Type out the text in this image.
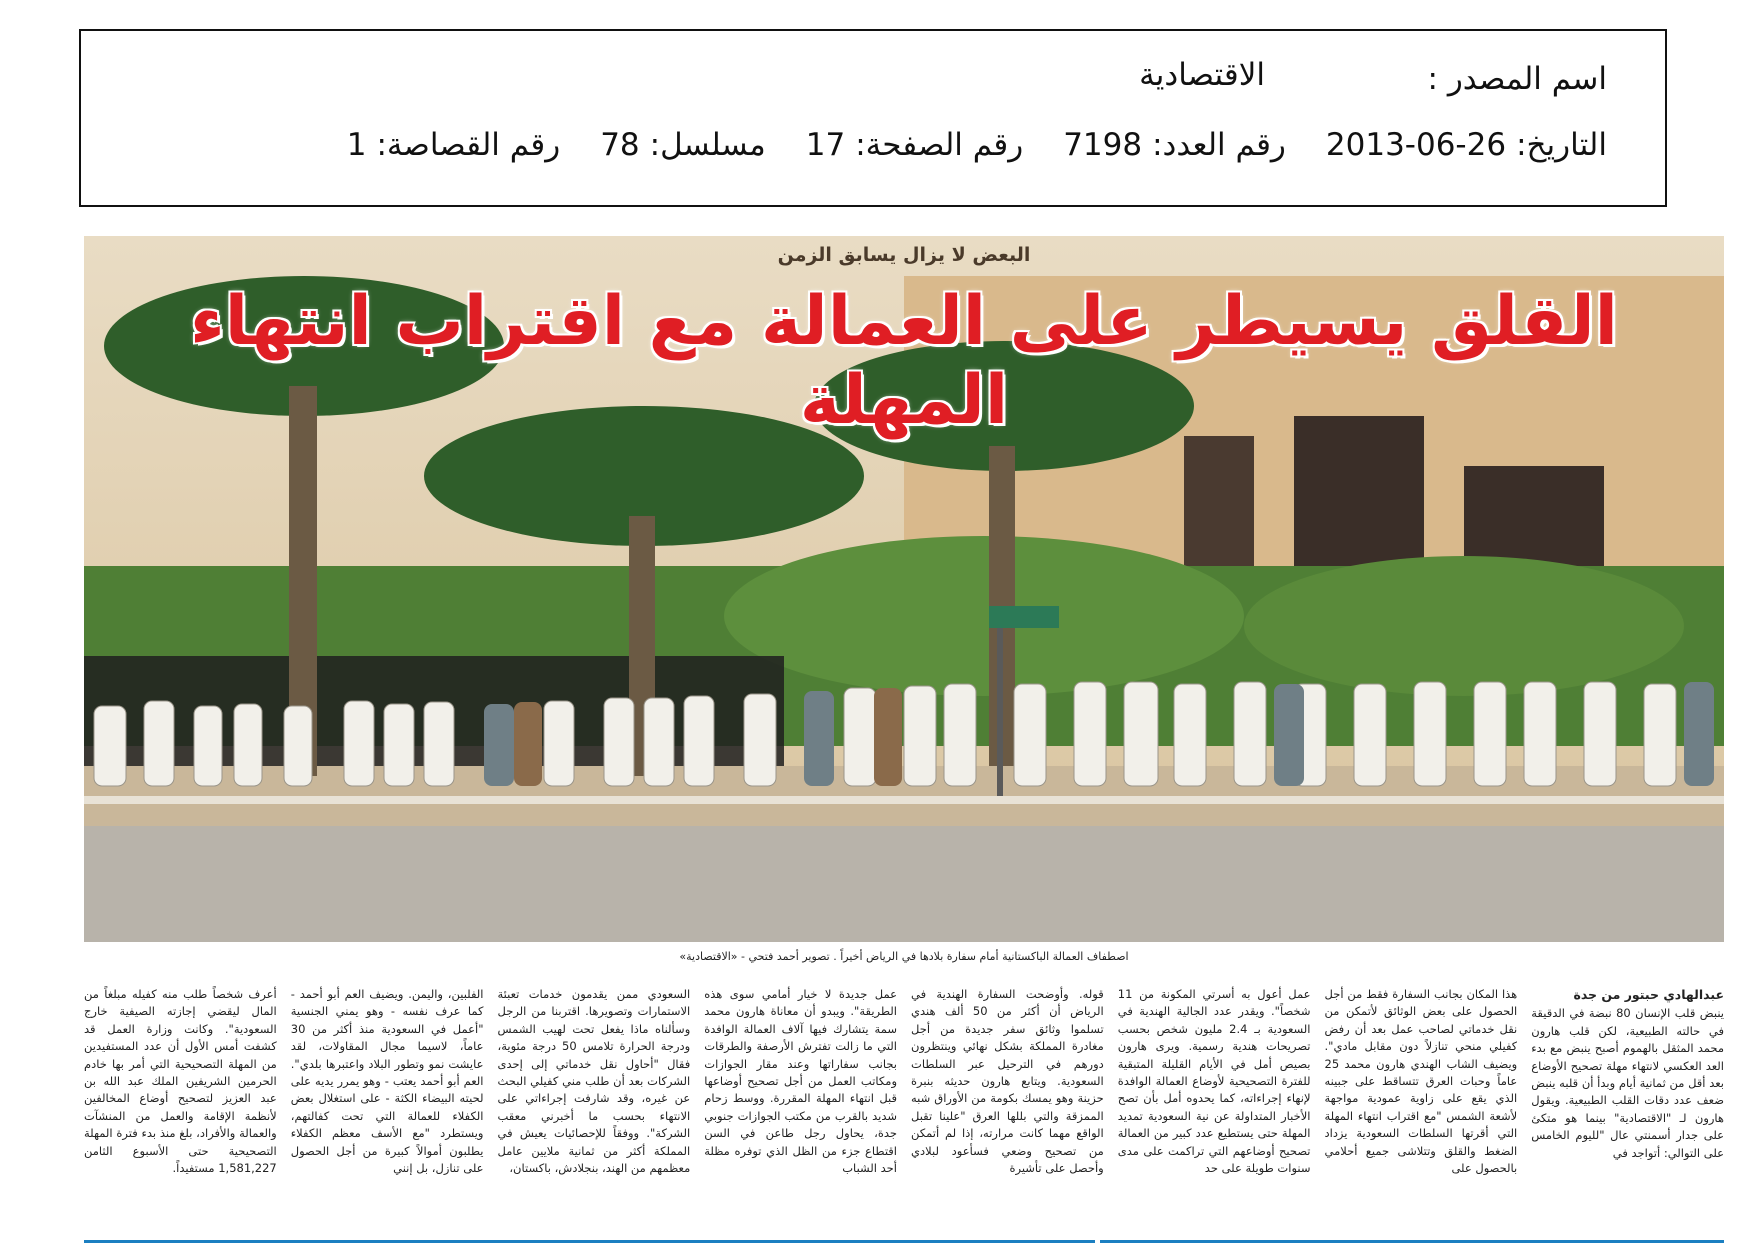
اسم المصدر :
الاقتصادية
التاريخ:
2013-06-26
رقم العدد:
7198
رقم الصفحة:
17
مسلسل:
78
رقم القصاصة:
1
البعض لا يزال يسابق الزمن
القلق يسيطر على العمالة مع اقتراب انتهاء المهلة
اصطفاف العمالة الباكستانية أمام سفارة بلادها في الرياض أخيراً . تصوير أحمد فتحي - «الاقتصادية»
عبدالهادي حبتور من جدة
ينبض قلب الإنسان 80 نبضة في الدقيقة في حالته الطبيعية، لكن قلب هارون محمد المثقل بالهموم أصبح ينبض مع بدء العد العكسي لانتهاء مهلة تصحيح الأوضاع بعد أقل من ثمانية أيام وبدأ أن قلبه ينبض ضعف عدد دقات القلب الطبيعية. ويقول هارون لـ "الاقتصادية" بينما هو متكئ على جدار أسمنتي عال "لليوم الخامس على التوالي: أتواجد في
هذا المكان بجانب السفارة فقط من أجل الحصول على بعض الوثائق لأتمكن من نقل خدماتي لصاحب عمل بعد أن رفض كفيلي منحي تنازلاً دون مقابل مادي". ويضيف الشاب الهندي هارون محمد 25 عاماً وحبات العرق تتساقط على جبينه الذي يقع على زاوية عمودية مواجهة لأشعة الشمس "مع اقتراب انتهاء المهلة التي أقرتها السلطات السعودية يزداد الضغط والقلق وتتلاشى جميع أحلامي بالحصول على
عمل أعول به أسرتي المكونة من 11 شخصاً". ويقدر عدد الجالية الهندية في السعودية بـ 2.4 مليون شخص بحسب تصريحات هندية رسمية. ويرى هارون بصيص أمل في الأيام القليلة المتبقية للفترة التصحيحية لأوضاع العمالة الوافدة لإنهاء إجراءاته، كما يحدوه أمل بأن تصح الأخبار المتداولة عن نية السعودية تمديد المهلة حتى يستطيع عدد كبير من العمالة تصحيح أوضاعهم التي تراكمت على مدى سنوات طويلة على حد
قوله. وأوضحت السفارة الهندية في الرياض أن أكثر من 50 ألف هندي تسلموا وثائق سفر جديدة من أجل مغادرة المملكة بشكل نهائي وينتظرون دورهم في الترحيل عبر السلطات السعودية. ويتابع هارون حديثه بنبرة حزينة وهو يمسك بكومة من الأوراق شبه الممزقة والتي بللها العرق "علينا تقبل الواقع مهما كانت مرارته، إذا لم أتمكن من تصحيح وضعي فسأعود لبلادي وأحصل على تأشيرة
عمل جديدة لا خيار أمامي سوى هذه الطريقة". ويبدو أن معاناة هارون محمد سمة يتشارك فيها آلاف العمالة الوافدة التي ما زالت تفترش الأرصفة والطرقات بجانب سفاراتها وعند مقار الجوازات ومكاتب العمل من أجل تصحيح أوضاعها قبل انتهاء المهلة المقررة. ووسط زحام شديد بالقرب من مكتب الجوازات جنوبي جدة، يحاول رجل طاعن في السن اقتطاع جزء من الظل الذي توفره مظلة أحد الشباب
السعودي ممن يقدمون خدمات تعبئة الاستمارات وتصويرها. اقتربنا من الرجل وسألناه ماذا يفعل تحت لهيب الشمس ودرجة الحرارة تلامس 50 درجة مئوية، فقال "أحاول نقل خدماتي إلى إحدى الشركات بعد أن طلب مني كفيلي البحث عن غيره، وقد شارفت إجراءاتي على الانتهاء بحسب ما أخبرني معقب الشركة". ووفقاً للإحصائيات يعيش في المملكة أكثر من ثمانية ملايين عامل معظمهم من الهند، بنجلادش، باكستان،
الفلبين، واليمن. ويضيف العم أبو أحمد - كما عرف نفسه - وهو يمني الجنسية "أعمل في السعودية منذ أكثر من 30 عاماً، لاسيما مجال المقاولات، لقد عايشت نمو وتطور البلاد واعتبرها بلدي". العم أبو أحمد يعتب - وهو يمرر يديه على لحيته البيضاء الكثة - على استغلال بعض الكفلاء للعمالة التي تحت كفالتهم، ويستطرد "مع الأسف معظم الكفلاء يطلبون أموالاً كبيرة من أجل الحصول على تنازل، بل إنني
أعرف شخصاً طلب منه كفيله مبلغاً من المال ليقضي إجازته الصيفية خارج السعودية". وكانت وزارة العمل قد كشفت أمس الأول أن عدد المستفيدين من المهلة التصحيحية التي أمر بها خادم الحرمين الشريفين الملك عبد الله بن عبد العزيز لتصحيح أوضاع المخالفين لأنظمة الإقامة والعمل من المنشآت والعمالة والأفراد، بلغ منذ بدء فترة المهلة التصحيحية حتى الأسبوع الثامن 1,581,227 مستفيداً.
